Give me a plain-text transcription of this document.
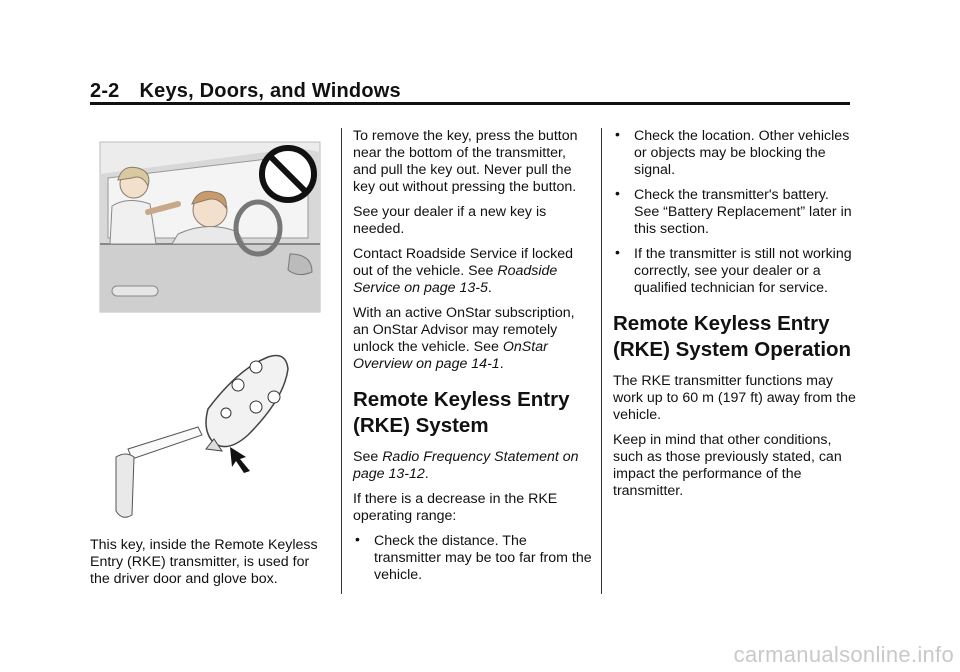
2-2 Keys, Doors, and Windows
This key, inside the Remote Keyless Entry (RKE) transmitter, is used for the driver door and glove box.

To remove the key, press the button near the bottom of the transmitter, and pull the key out. Never pull the key out without pressing the button.

See your dealer if a new key is needed.

Contact Roadside Service if locked out of the vehicle. See Roadside Service on page 13-5.

With an active OnStar subscription, an OnStar Advisor may remotely unlock the vehicle. See OnStar Overview on page 14-1.

Remote Keyless Entry (RKE) System

See Radio Frequency Statement on page 13-12.

If there is a decrease in the RKE operating range:

• Check the distance. The transmitter may be too far from the vehicle.
• Check the location. Other vehicles or objects may be blocking the signal.
• Check the transmitter's battery. See “Battery Replacement” later in this section.
• If the transmitter is still not working correctly, see your dealer or a qualified technician for service.
Remote Keyless Entry (RKE) System Operation

The RKE transmitter functions may work up to 60 m (197 ft) away from the vehicle.

Keep in mind that other conditions, such as those previously stated, can impact the performance of the transmitter.

carmanualsonline.info
